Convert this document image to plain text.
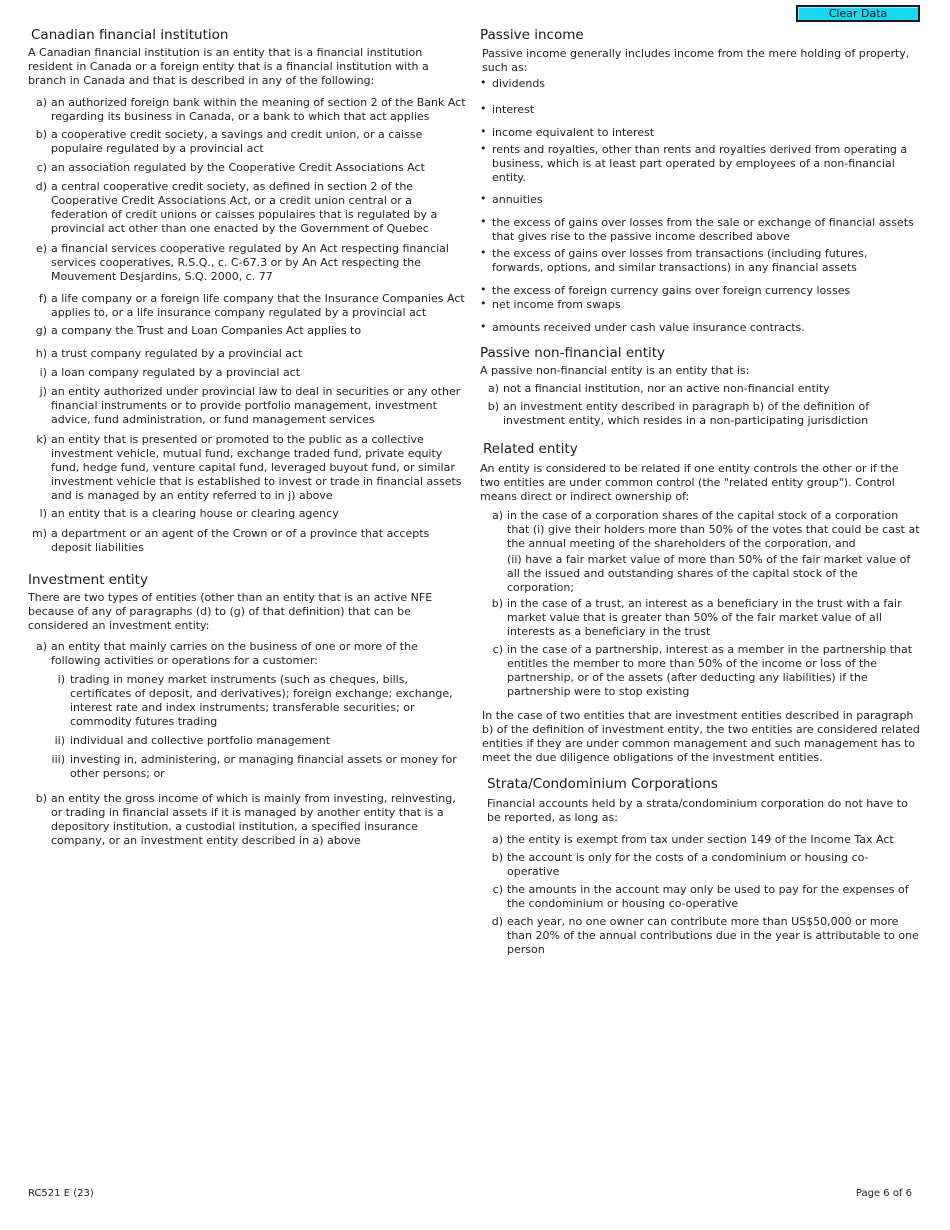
Clear Data
Canadian financial institution

A Canadian financial institution is an entity that is a financial institution resident in Canada or a foreign entity that is a financial institution with a branch in Canada and that is described in any of the following:

a) an authorized foreign bank within the meaning of section 2 of the Bank Act regarding its business in Canada, or a bank to which that act applies
b) a cooperative credit society, a savings and credit union, or a caisse populaire regulated by a provincial act
c) an association regulated by the Cooperative Credit Associations Act
d) a central cooperative credit society, as defined in section 2 of the Cooperative Credit Associations Act, or a credit union central or a federation of credit unions or caisses populaires that is regulated by a provincial act other than one enacted by the Government of Quebec
e) a financial services cooperative regulated by An Act respecting financial services cooperatives, R.S.Q., c. C-67.3 or by An Act respecting the Mouvement Desjardins, S.Q. 2000, c. 77
f) a life company or a foreign life company that the Insurance Companies Act applies to, or a life insurance company regulated by a provincial act
g) a company the Trust and Loan Companies Act applies to
h) a trust company regulated by a provincial act
i) a loan company regulated by a provincial act
j) an entity authorized under provincial law to deal in securities or any other financial instruments or to provide portfolio management, investment advice, fund administration, or fund management services
k) an entity that is presented or promoted to the public as a collective investment vehicle, mutual fund, exchange traded fund, private equity fund, hedge fund, venture capital fund, leveraged buyout fund, or similar investment vehicle that is established to invest or trade in financial assets and is managed by an entity referred to in j) above
l) an entity that is a clearing house or clearing agency
m) a department or an agent of the Crown or of a province that accepts deposit liabilities
Investment entity

There are two types of entities (other than an entity that is an active NFE because of any of paragraphs (d) to (g) of that definition) that can be considered an investment entity:

a) an entity that mainly carries on the business of one or more of the following activities or operations for a customer:
i) trading in money market instruments (such as cheques, bills, certificates of deposit, and derivatives); foreign exchange; exchange, interest rate and index instruments; transferable securities; or commodity futures trading
ii) individual and collective portfolio management
iii) investing in, administering, or managing financial assets or money for other persons; or
b) an entity the gross income of which is mainly from investing, reinvesting, or trading in financial assets if it is managed by another entity that is a depository institution, a custodial institution, a specified insurance company, or an investment entity described in a) above
Passive income

Passive income generally includes income from the mere holding of property, such as:

• dividends
• interest
• income equivalent to interest
• rents and royalties, other than rents and royalties derived from operating a business, which is at least part operated by employees of a non-financial entity.
• annuities
• the excess of gains over losses from the sale or exchange of financial assets that gives rise to the passive income described above
• the excess of gains over losses from transactions (including futures, forwards, options, and similar transactions) in any financial assets
• the excess of foreign currency gains over foreign currency losses
• net income from swaps
• amounts received under cash value insurance contracts.
Passive non-financial entity

A passive non-financial entity is an entity that is:

a) not a financial institution, nor an active non-financial entity
b) an investment entity described in paragraph b) of the definition of investment entity, which resides in a non-participating jurisdiction
Related entity

An entity is considered to be related if one entity controls the other or if the two entities are under common control (the "related entity group"). Control means direct or indirect ownership of:

a) in the case of a corporation shares of the capital stock of a corporation that (i) give their holders more than 50% of the votes that could be cast at the annual meeting of the shareholders of the corporation, and
(ii) have a fair market value of more than 50% of the fair market value of all the issued and outstanding shares of the capital stock of the corporation;
b) in the case of a trust, an interest as a beneficiary in the trust with a fair market value that is greater than 50% of the fair market value of all interests as a beneficiary in the trust
c) in the case of a partnership, interest as a member in the partnership that entitles the member to more than 50% of the income or loss of the partnership, or of the assets (after deducting any liabilities) if the partnership were to stop existing

In the case of two entities that are investment entities described in paragraph b) of the definition of investment entity, the two entities are considered related entities if they are under common management and such management has to meet the due diligence obligations of the investment entities.

Strata/Condominium Corporations

Financial accounts held by a strata/condominium corporation do not have to be reported, as long as:

a) the entity is exempt from tax under section 149 of the Income Tax Act
b) the account is only for the costs of a condominium or housing co-operative
c) the amounts in the account may only be used to pay for the expenses of the condominium or housing co-operative
d) each year, no one owner can contribute more than US$50,000 or more than 20% of the annual contributions due in the year is attributable to one person
RC521 E (23)	Page 6 of 6
